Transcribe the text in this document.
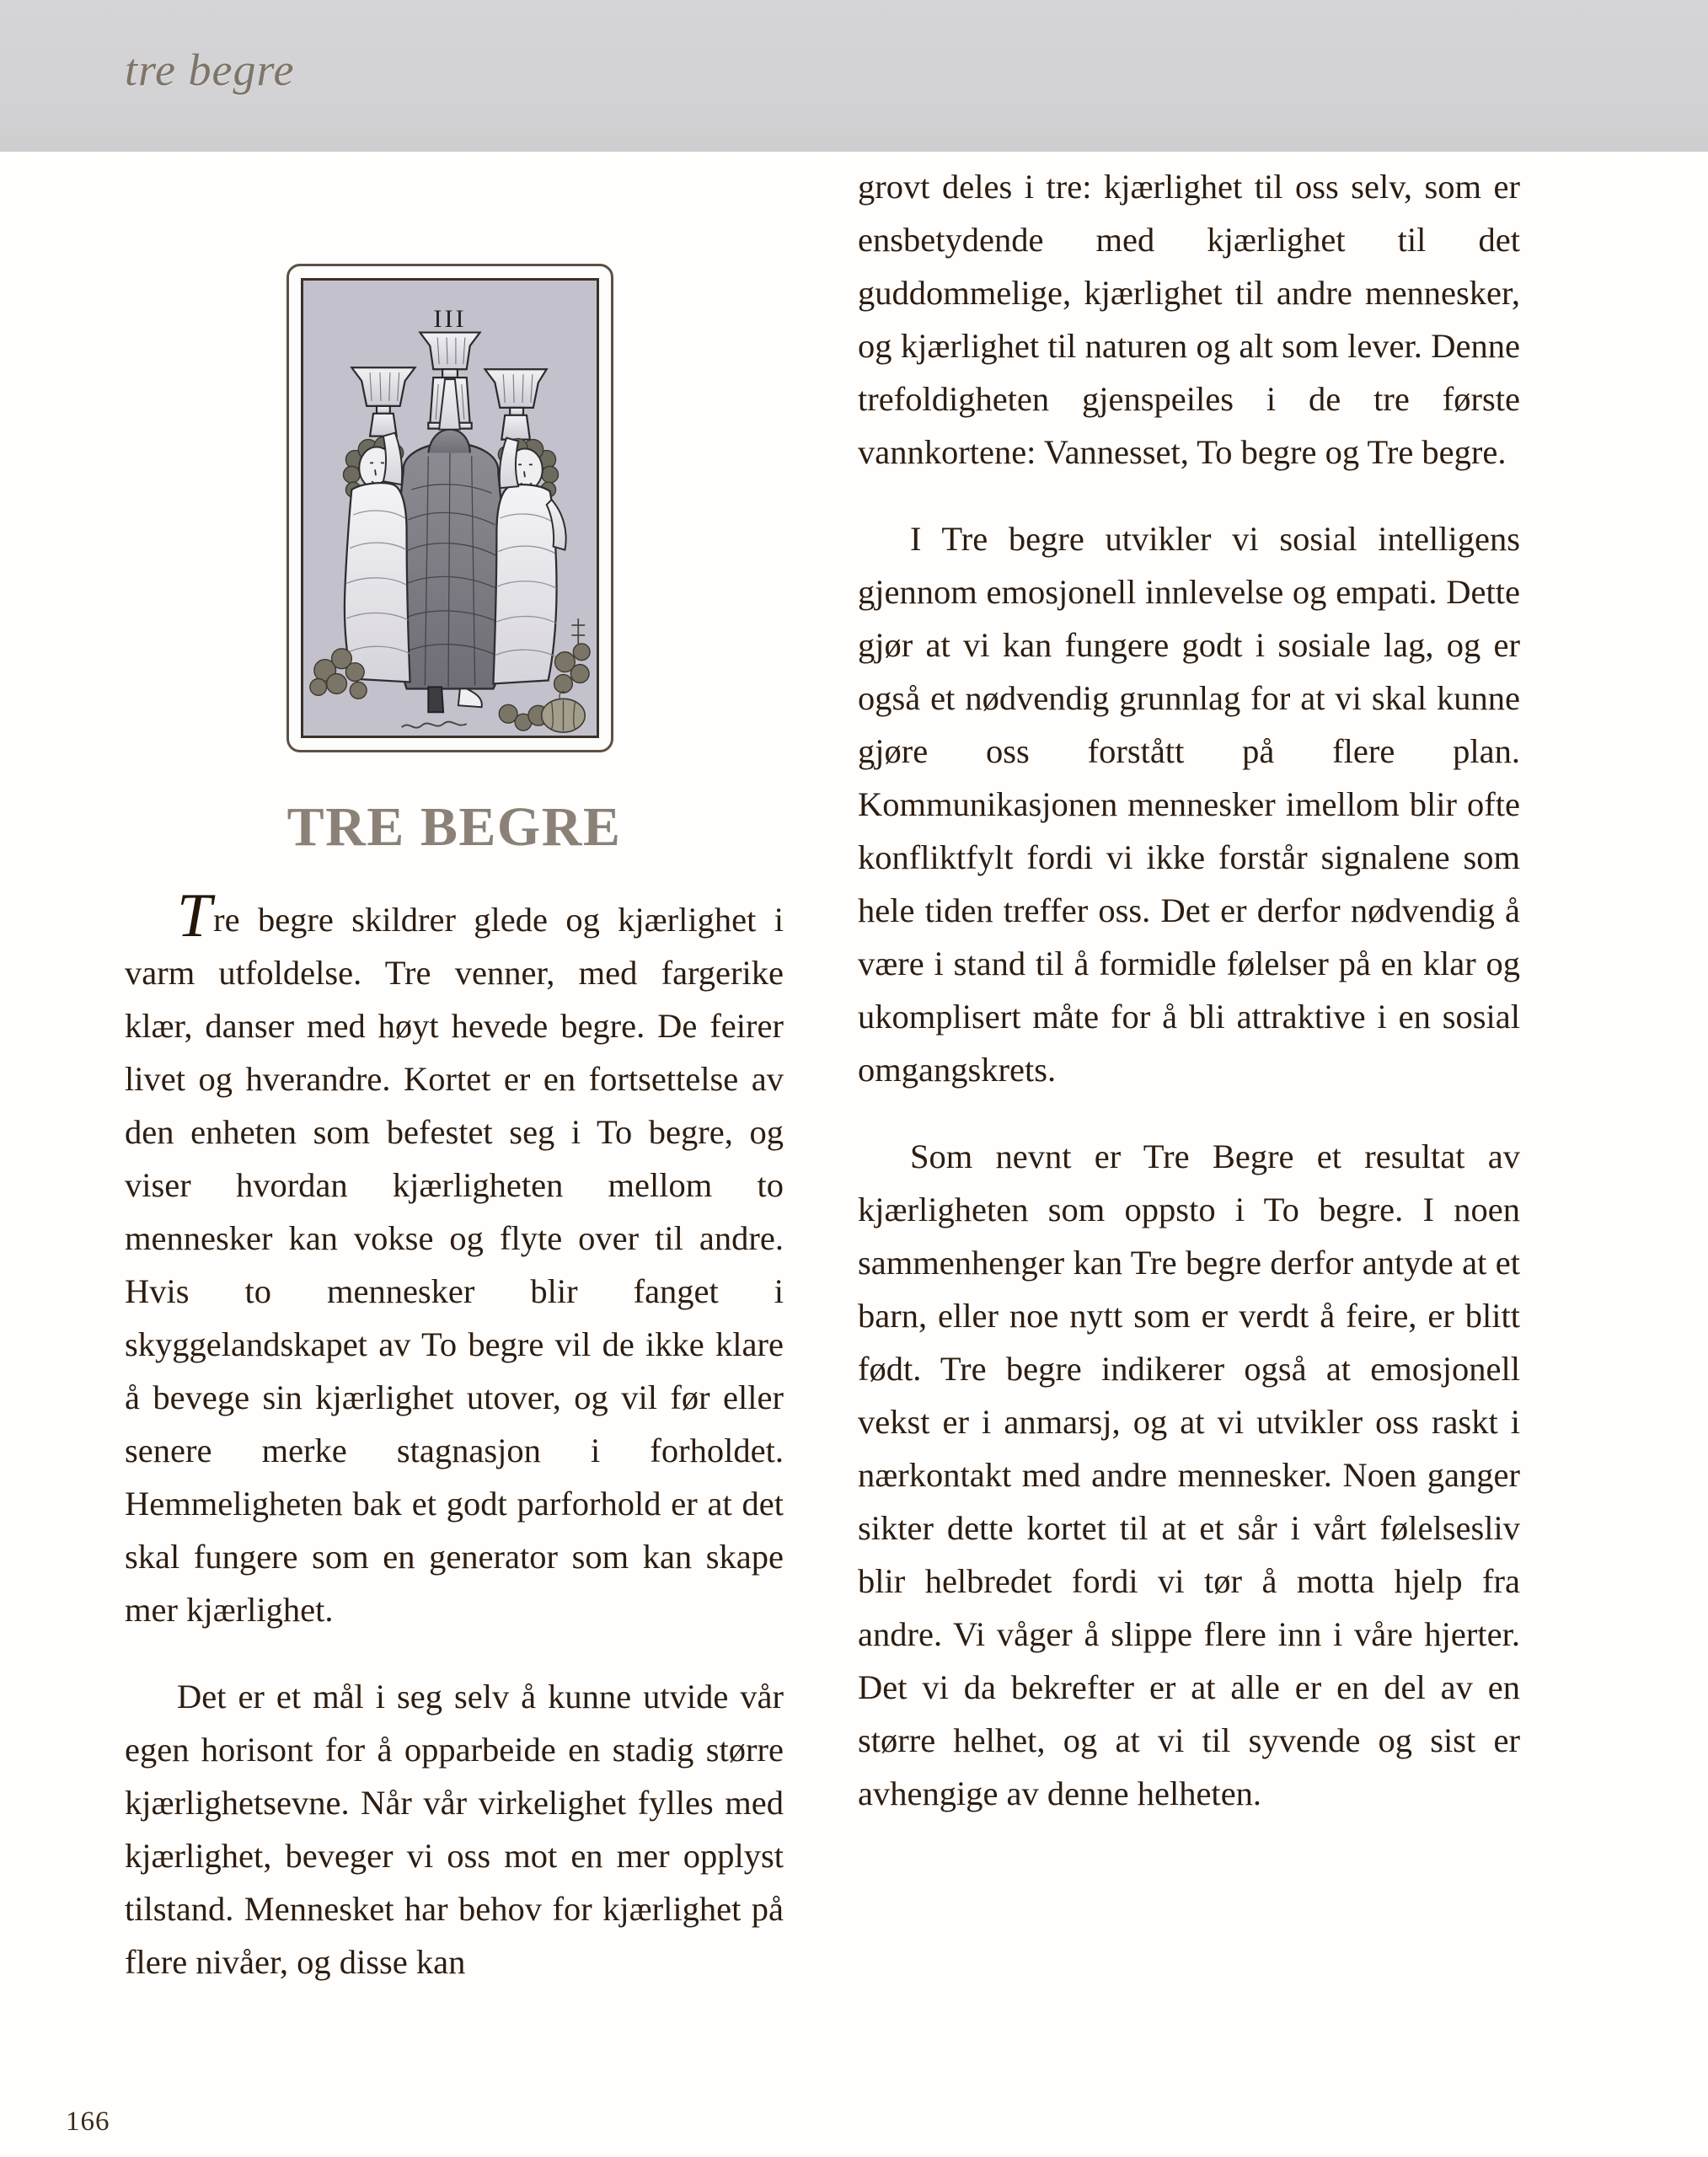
tre begre
III
TRE BEGRE

Tre begre skildrer glede og kjærlighet i varm utfoldelse. Tre venner, med fargerike klær, danser med høyt hevede begre. De feirer livet og hverandre. Kortet er en fortsettelse av den enheten som befestet seg i To begre, og viser hvordan kjærligheten mellom to mennesker kan vokse og flyte over til andre. Hvis to mennesker blir fanget i skyggelandskapet av To begre vil de ikke klare å bevege sin kjærlighet utover, og vil før eller senere merke stagnasjon i forholdet. Hemmeligheten bak et godt parforhold er at det skal fungere som en generator som kan skape mer kjærlighet.

Det er et mål i seg selv å kunne utvide vår egen horisont for å opparbeide en stadig større kjærlighetsevne. Når vår virkelighet fylles med kjærlighet, beveger vi oss mot en mer opplyst tilstand. Mennesket har behov for kjærlighet på flere nivåer, og disse kan

grovt deles i tre: kjærlighet til oss selv, som er ensbetydende med kjærlighet til det guddommelige, kjærlighet til andre mennesker, og kjærlighet til naturen og alt som lever. Denne trefoldigheten gjenspeiles i de tre første vannkortene: Vannesset, To begre og Tre begre.

I Tre begre utvikler vi sosial intelligens gjennom emosjonell innlevelse og empati. Dette gjør at vi kan fungere godt i sosiale lag, og er også et nødvendig grunnlag for at vi skal kunne gjøre oss forstått på flere plan. Kommunikasjonen mennesker imellom blir ofte konfliktfylt fordi vi ikke forstår signalene som hele tiden treffer oss. Det er derfor nødvendig å være i stand til å formidle følelser på en klar og ukomplisert måte for å bli attraktive i en sosial omgangskrets.

Som nevnt er Tre Begre et resultat av kjærligheten som oppsto i To begre. I noen sammenhenger kan Tre begre derfor antyde at et barn, eller noe nytt som er verdt å feire, er blitt født. Tre begre indikerer også at emosjonell vekst er i anmarsj, og at vi utvikler oss raskt i nærkontakt med andre mennesker. Noen ganger sikter dette kortet til at et sår i vårt følelsesliv blir helbredet fordi vi tør å motta hjelp fra andre. Vi våger å slippe flere inn i våre hjerter. Det vi da bekrefter er at alle er en del av en større helhet, og at vi til syvende og sist er avhengige av denne helheten.

166
